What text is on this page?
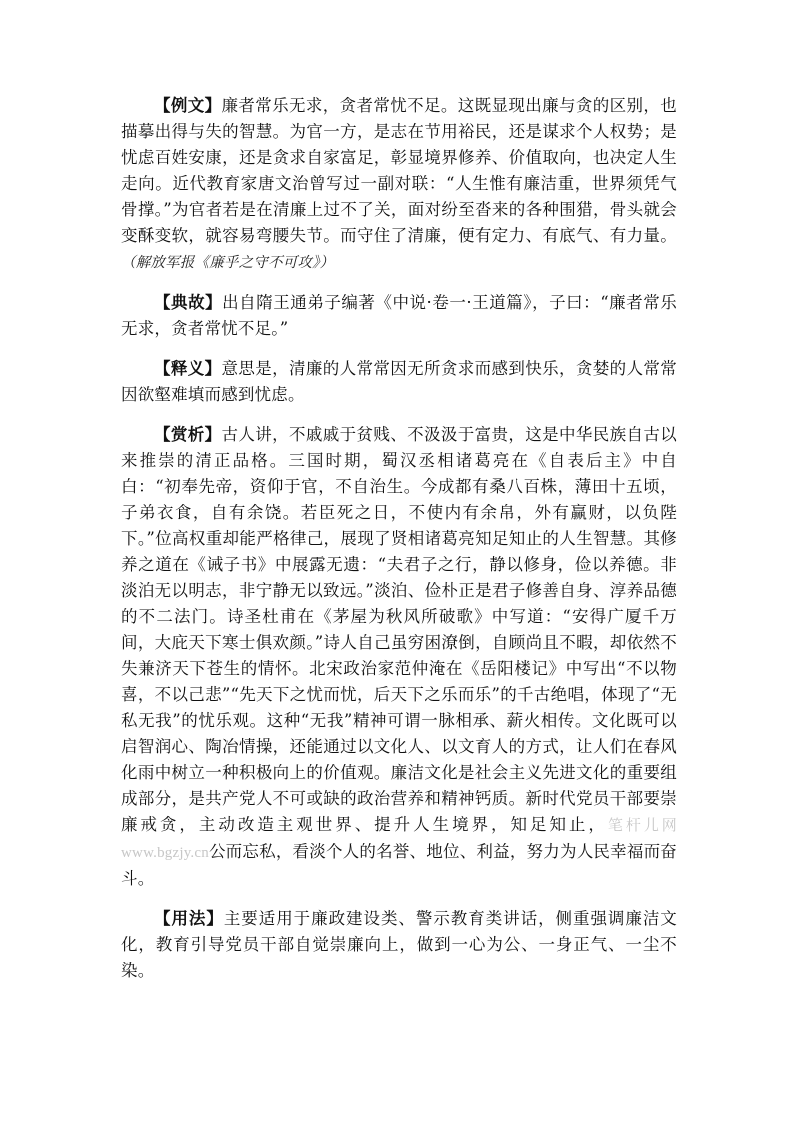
【例文】廉者常乐无求，贪者常忧不足。这既显现出廉与贪的区别，也描摹出得与失的智慧。为官一方，是志在节用裕民，还是谋求个人权势；是忧虑百姓安康，还是贪求自家富足，彰显境界修养、价值取向，也决定人生走向。近代教育家唐文治曾写过一副对联：“人生惟有廉洁重，世界须凭气骨撑。”为官者若是在清廉上过不了关，面对纷至沓来的各种围猎，骨头就会变酥变软，就容易弯腰失节。而守住了清廉，便有定力、有底气、有力量。（解放军报《廉乎之守不可攻》）

【典故】出自隋王通弟子编著《中说·卷一·王道篇》，子曰：“廉者常乐无求，贪者常忧不足。”

【释义】意思是，清廉的人常常因无所贪求而感到快乐，贪婪的人常常因欲壑难填而感到忧虑。

【赏析】古人讲，不戚戚于贫贱、不汲汲于富贵，这是中华民族自古以来推崇的清正品格。三国时期，蜀汉丞相诸葛亮在《自表后主》中自白：“初奉先帝，资仰于官，不自治生。今成都有桑八百株，薄田十五顷，子弟衣食，自有余饶。若臣死之日，不使内有余帛，外有赢财，以负陛下。”位高权重却能严格律己，展现了贤相诸葛亮知足知止的人生智慧。其修养之道在《诫子书》中展露无遗：“夫君子之行，静以修身，俭以养德。非淡泊无以明志，非宁静无以致远。”淡泊、俭朴正是君子修善自身、淳养品德的不二法门。诗圣杜甫在《茅屋为秋风所破歌》中写道：“安得广厦千万间，大庇天下寒士俱欢颜。”诗人自己虽穷困潦倒，自顾尚且不暇，却依然不失兼济天下苍生的情怀。北宋政治家范仲淹在《岳阳楼记》中写出“不以物喜，不以己悲”“先天下之忧而忧，后天下之乐而乐”的千古绝唱，体现了“无私无我”的忧乐观。这种“无我”精神可谓一脉相承、薪火相传。文化既可以启智润心、陶冶情操，还能通过以文化人、以文育人的方式，让人们在春风化雨中树立一种积极向上的价值观。廉洁文化是社会主义先进文化的重要组成部分，是共产党人不可或缺的政治营养和精神钙质。新时代党员干部要崇廉戒贪，主动改造主观世界、提升人生境界，知足知止，笔杆儿网 www.bgzjy.cn公而忘私，看淡个人的名誉、地位、利益，努力为人民幸福而奋斗。

【用法】主要适用于廉政建设类、警示教育类讲话，侧重强调廉洁文化，教育引导党员干部自觉崇廉向上，做到一心为公、一身正气、一尘不染。
